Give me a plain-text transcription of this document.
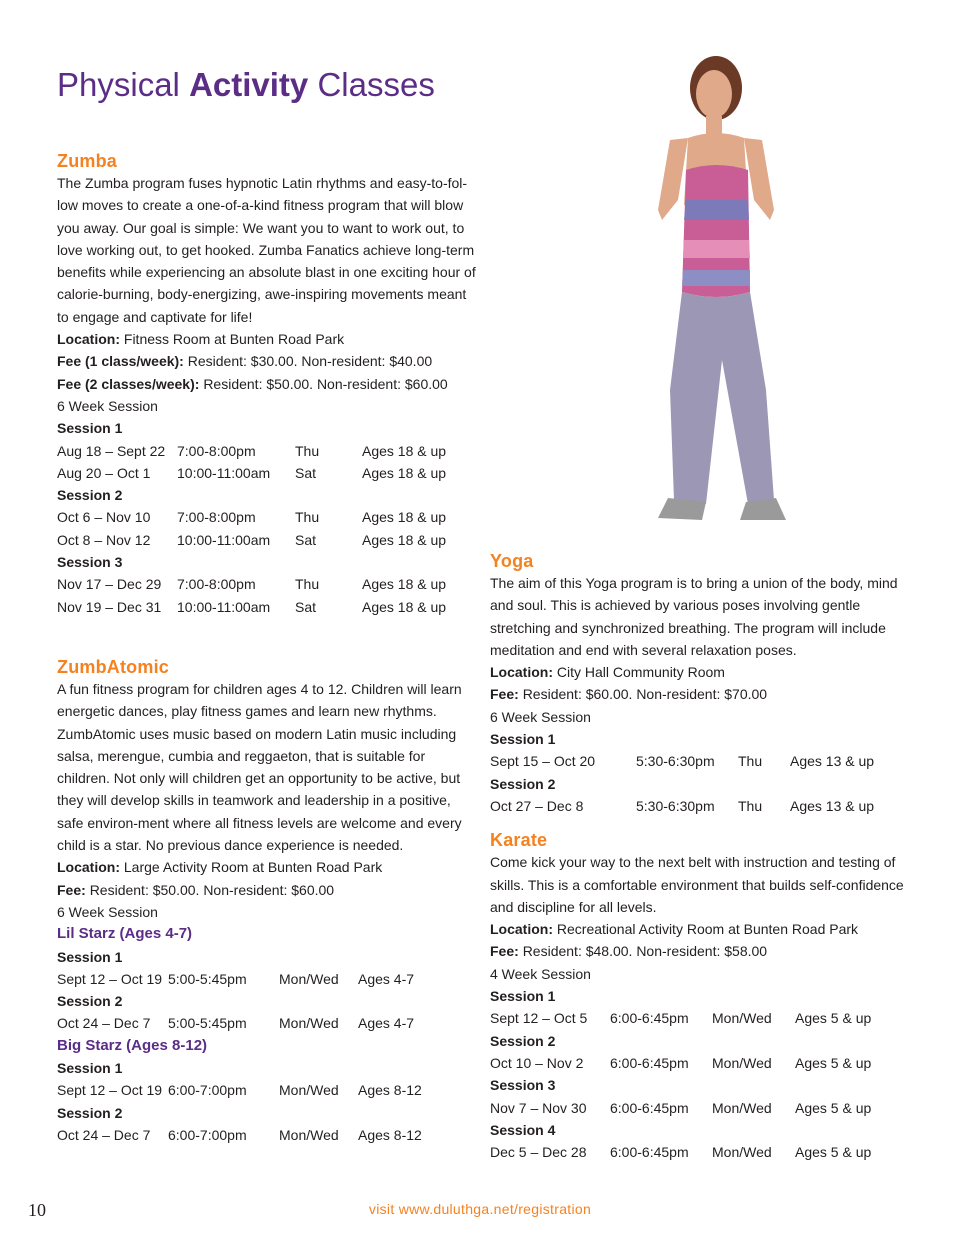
Physical Activity Classes
Zumba

The Zumba program fuses hypnotic Latin rhythms and easy-to-fol-low moves to create a one-of-a-kind fitness program that will blow you away. Our goal is simple: We want you to want to work out, to love working out, to get hooked. Zumba Fanatics achieve long-term benefits while experiencing an absolute blast in one exciting hour of calorie-burning, body-energizing, awe-inspiring movements meant to engage and captivate for life!

Location: Fitness Room at Bunten Road Park
Fee (1 class/week): Resident: $30.00. Non-resident: $40.00
Fee (2 classes/week): Resident: $50.00. Non-resident: $60.00
6 Week Session
Session 1
Aug 18 – Sept 22 7:00-8:00pm	Thu	Ages 18 & up
Aug 20 – Oct 1	10:00-11:00am	Sat	Ages 18 & up
Session 2
Oct 6 – Nov 10	7:00-8:00pm	Thu	Ages 18 & up
Oct 8 – Nov 12	10:00-11:00am	Sat	Ages 18 & up
Session 3
Nov 17 – Dec 29	7:00-8:00pm	Thu	Ages 18 & up
Nov 19 – Dec 31	10:00-11:00am	Sat	Ages 18 & up
ZumbAtomic

A fun fitness program for children ages 4 to 12. Children will learn energetic dances, play fitness games and learn new rhythms. ZumbAtomic uses music based on modern Latin music including salsa, merengue, cumbia and reggaeton, that is suitable for children. Not only will children get an opportunity to be active, but they will develop skills in teamwork and leadership in a positive, safe environ-ment where all fitness levels are welcome and every child is a star. No previous dance experience is needed.

Location: Large Activity Room at Bunten Road Park
Fee: Resident: $50.00. Non-resident: $60.00
6 Week Session
Lil Starz (Ages 4-7)
Session 1
Sept 12 – Oct 19 5:00-5:45pm	Mon/Wed	Ages 4-7
Session 2
Oct 24 – Dec 7	5:00-5:45pm	Mon/Wed	Ages 4-7
Big Starz (Ages 8-12)
Session 1
Sept 12 – Oct 19 6:00-7:00pm	Mon/Wed	Ages 8-12
Session 2
Oct 24 – Dec 7	6:00-7:00pm	Mon/Wed	Ages 8-12
Yoga

The aim of this Yoga program is to bring a union of the body, mind and soul. This is achieved by various poses involving gentle stretching and synchronized breathing. The program will include meditation and end with several relaxation poses.

Location: City Hall Community Room
Fee: Resident: $60.00. Non-resident: $70.00
6 Week Session
Session 1
Sept 15 – Oct 20	5:30-6:30pm	Thu	Ages 13 & up
Session 2
Oct 27 – Dec 8	5:30-6:30pm	Thu	Ages 13 & up
Karate

Come kick your way to the next belt with instruction and testing of skills. This is a comfortable environment that builds self-confidence and discipline for all levels.

Location: Recreational Activity Room at Bunten Road Park
Fee: Resident: $48.00. Non-resident: $58.00
4 Week Session
Session 1
Sept 12 – Oct 5	6:00-6:45pm	Mon/Wed	Ages 5 & up
Session 2
Oct 10 – Nov 2	6:00-6:45pm	Mon/Wed	Ages 5 & up
Session 3
Nov 7 – Nov 30	6:00-6:45pm	Mon/Wed	Ages 5 & up
Session 4
Dec 5 – Dec 28	6:00-6:45pm	Mon/Wed	Ages 5 & up
10	visit www.duluthga.net/registration
